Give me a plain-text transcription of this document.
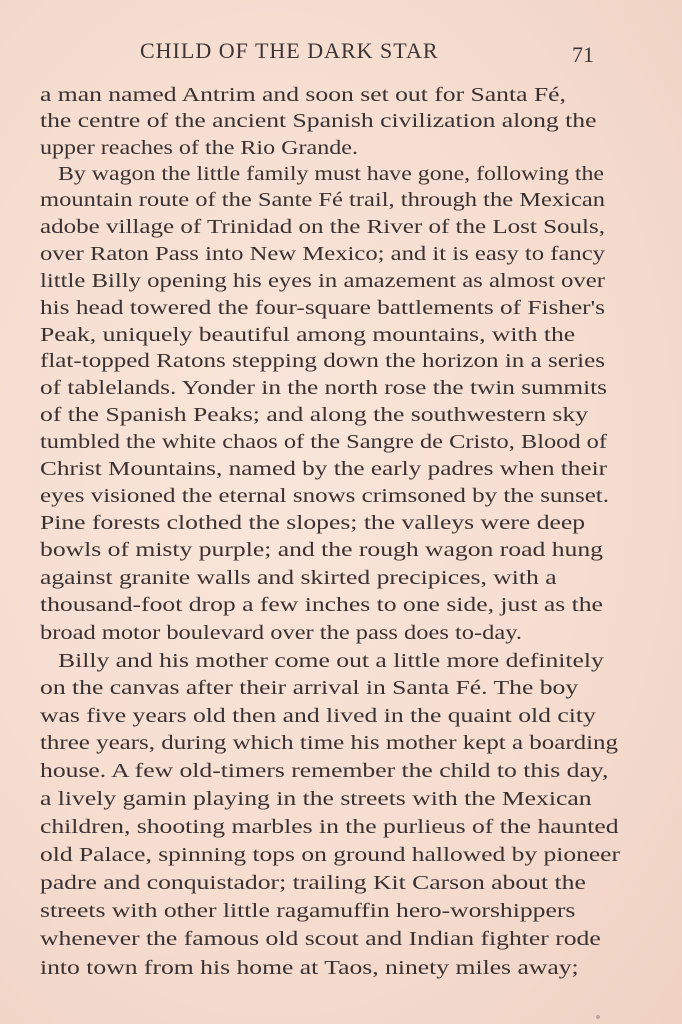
CHILD OF THE DARK STAR	71
a man named Antrim and soon set out for Santa Fé,
the centre of the ancient Spanish civilization along the
upper reaches of the Rio Grande.
By wagon the little family must have gone, following the
mountain route of the Sante Fé trail, through the Mexican
adobe village of Trinidad on the River of the Lost Souls,
over Raton Pass into New Mexico; and it is easy to fancy
little Billy opening his eyes in amazement as almost over
his head towered the four-square battlements of Fisher's
Peak, uniquely beautiful among mountains, with the
flat-topped Ratons stepping down the horizon in a series
of tablelands. Yonder in the north rose the twin summits
of the Spanish Peaks; and along the southwestern sky
tumbled the white chaos of the Sangre de Cristo, Blood of
Christ Mountains, named by the early padres when their
eyes visioned the eternal snows crimsoned by the sunset.
Pine forests clothed the slopes; the valleys were deep
bowls of misty purple; and the rough wagon road hung
against granite walls and skirted precipices, with a
thousand-foot drop a few inches to one side, just as the
broad motor boulevard over the pass does to-day.
Billy and his mother come out a little more definitely
on the canvas after their arrival in Santa Fé. The boy
was five years old then and lived in the quaint old city
three years, during which time his mother kept a boarding
house. A few old-timers remember the child to this day,
a lively gamin playing in the streets with the Mexican
children, shooting marbles in the purlieus of the haunted
old Palace, spinning tops on ground hallowed by pioneer
padre and conquistador; trailing Kit Carson about the
streets with other little ragamuffin hero-worshippers
whenever the famous old scout and Indian fighter rode
into town from his home at Taos, ninety miles away;
